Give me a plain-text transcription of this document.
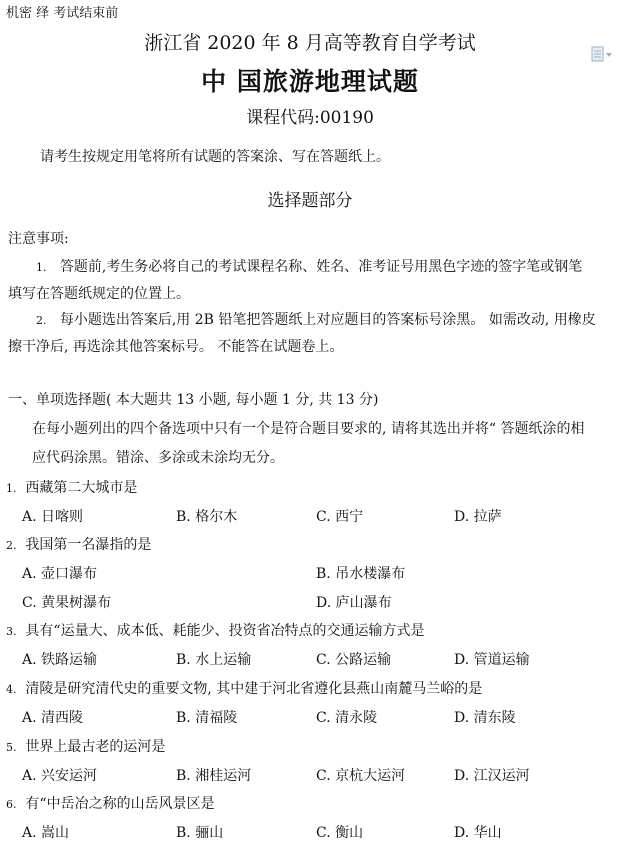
机密 绎 考试结束前
浙江省 2020 年 8 月高等教育自学考试
中 国旅游地理试题
课程代码:00190
请考生按规定用笔将所有试题的答案涂、写在答题纸上。
选择题部分
注意事项:
1. 答题前,考生务必将自己的考试课程名称、姓名、准考证号用黑色字迹的签字笔或钢笔
填写在答题纸规定的位置上。
2. 每小题选出答案后,用 2B 铅笔把答题纸上对应题目的答案标号涂黑。 如需改动, 用橡皮
擦干净后, 再选涂其他答案标号。 不能答在试题卷上。
一、单项选择题( 本大题共 13 小题, 每小题 1 分, 共 13 分)
在每小题列出的四个备选项中只有一个是符合题目要求的, 请将其选出并将“ 答题纸涂的相
应代码涂黑。错涂、多涂或未涂均无分。
1. 西藏第二大城市是
A. 日喀则	B. 格尔木	C. 西宁	D. 拉萨
2. 我国第一名瀑指的是
A. 壶口瀑布	B. 吊水楼瀑布
C. 黄果树瀑布	D. 庐山瀑布
3. 具有“运量大、成本低、耗能少、投资省冶特点的交通运输方式是
A. 铁路运输	B. 水上运输	C. 公路运输	D. 管道运输
4. 清陵是研究清代史的重要文物, 其中建于河北省遵化县燕山南麓马兰峪的是
A. 清西陵	B. 清福陵	C. 清永陵	D. 清东陵
5. 世界上最古老的运河是
A. 兴安运河	B. 湘桂运河	C. 京杭大运河	D. 江汉运河
6. 有“中岳冶之称的山岳风景区是
A. 嵩山	B. 骊山	C. 衡山	D. 华山
